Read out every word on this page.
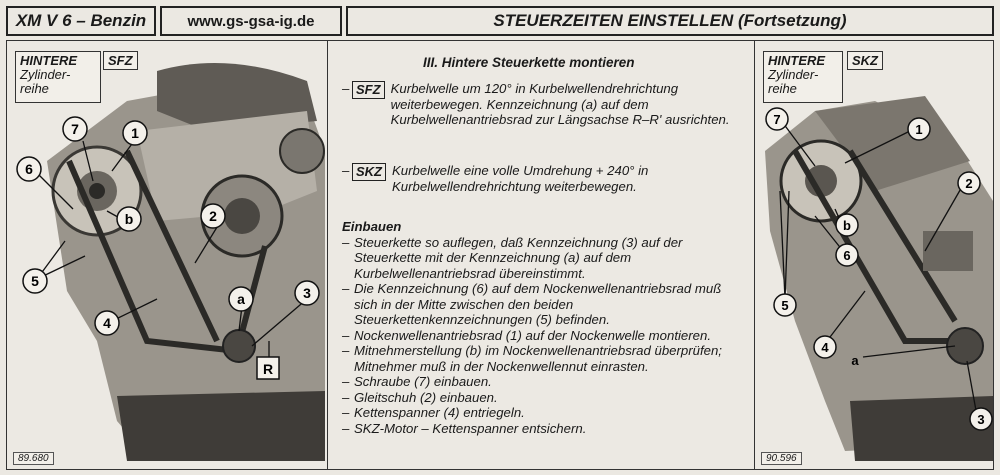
XM V 6 – Benzin	www.gs-gsa-ig.de	STEUERZEITEN EINSTELLEN (Fortsetzung)
HINTERE
Zylinder-
reihe
SFZ
7	1
6
b	2
5
a	3
4
R
89.680
III. Hintere Steuerkette montieren
– SFZ Kurbelwelle um 120° in Kurbelwellendrehrichtung weiterbewegen. Kennzeichnung (a) auf dem Kurbelwellenantriebsrad zur Längsachse R–R' ausrichten.
– SKZ Kurbelwelle eine volle Umdrehung + 240° in Kurbelwellendrehrichtung weiterbewegen.
Einbauen
– Steuerkette so auflegen, daß Kennzeichnung (3) auf der Steuerkette mit der Kennzeichnung (a) auf dem Kurbelwellenantriebsrad übereinstimmt.
– Die Kennzeichnung (6) auf dem Nockenwellenantriebsrad muß sich in der Mitte zwischen den beiden Steuerkettenkennzeichnungen (5) befinden.
– Nockenwellenantriebsrad (1) auf der Nockenwelle montieren.
– Mitnehmerstellung (b) im Nockenwellenantriebsrad überprüfen; Mitnehmer muß in der Nockenwellennut einrasten.
– Schraube (7) einbauen.
– Gleitschuh (2) einbauen.
– Kettenspanner (4) entriegeln.
– SKZ-Motor – Kettenspanner entsichern.
HINTERE
Zylinder-
reihe
SKZ
7
1
2
b
6
5
4
a
3
90.596
